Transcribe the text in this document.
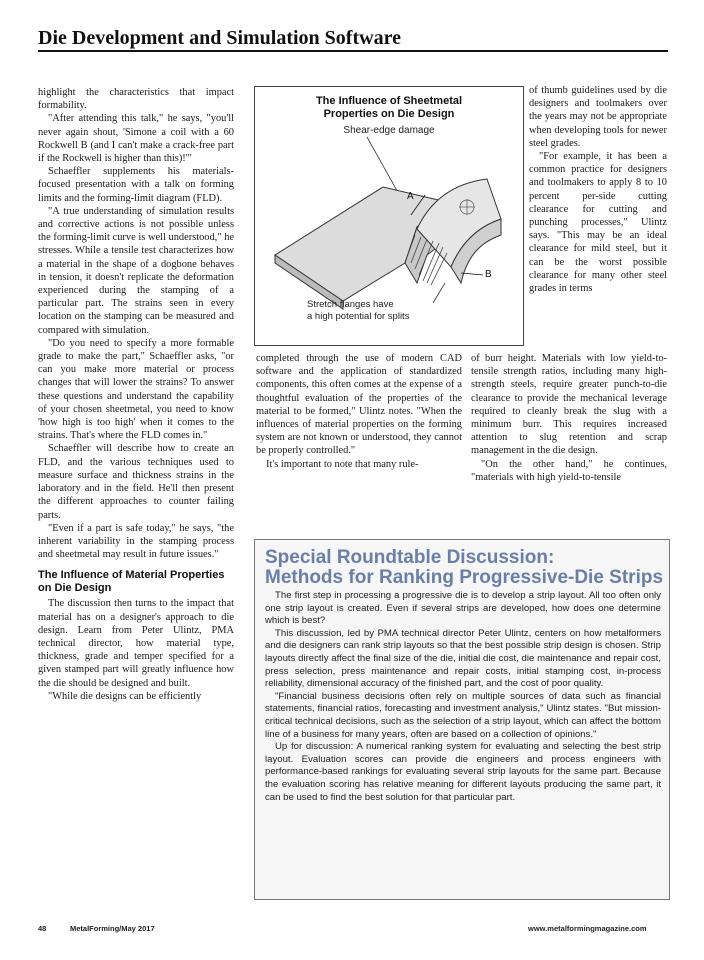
Die Development and Simulation Software

highlight the characteristics that impact formability.

"After attending this talk," he says, "you'll never again shout, 'Simone a coil with a 60 Rockwell B (and I can't make a crack-free part if the Rockwell is higher than this)!'"

Schaeffler supplements his materials-focused presentation with a talk on forming limits and the forming-limit diagram (FLD).

"A true understanding of simulation results and corrective actions is not possible unless the forming-limit curve is well understood," he stresses. While a tensile test characterizes how a material in the shape of a dogbone behaves in tension, it doesn't replicate the deformation experienced during the stamping of a particular part. The strains seen in every location on the stamping can be measured and compared with simulation.

"Do you need to specify a more formable grade to make the part," Schaeffler asks, "or can you make more material or process changes that will lower the strains? To answer these questions and understand the capability of your chosen sheetmetal, you need to know 'how high is too high' when it comes to the strains. That's where the FLD comes in."

Schaeffler will describe how to create an FLD, and the various techniques used to measure surface and thickness strains in the laboratory and in the field. He'll then present the different approaches to counter failing parts.

"Even if a part is safe today," he says, "the inherent variability in the stamping process and sheetmetal may result in future issues."

The Influence of Material Properties on Die Design

The discussion then turns to the impact that material has on a designer's approach to die design. Learn from Peter Ulintz, PMA technical director, how material type, thickness, grade and temper specified for a given stamped part will greatly influence how the die should be designed and built.

"While die designs can be efficiently

The Influence of Sheetmetal
Properties on Die Design
Shear-edge damage
A
B
Stretch flanges have
a high potential for splits

of thumb guidelines used by die designers and toolmakers over the years may not be appropriate when developing tools for newer steel grades.

"For example, it has been a common practice for designers and toolmakers to apply 8 to 10 percent per-side cutting clearance for cutting and punching processes," Ulintz says. "This may be an ideal clearance for mild steel, but it can be the worst possible clearance for many other steel grades in terms

completed through the use of modern CAD software and the application of standardized components, this often comes at the expense of a thoughtful evaluation of the properties of the material to be formed," Ulintz notes. "When the influences of material properties on the forming system are not known or understood, they cannot be properly controlled."

It's important to note that many rule-

of burr height. Materials with low yield-to-tensile strength ratios, including many high-strength steels, require greater punch-to-die clearance to provide the mechanical leverage required to cleanly break the slug with a minimum burr. This requires increased attention to slug retention and scrap management in the die design.

"On the other hand," he continues, "materials with high yield-to-tensile

Special Roundtable Discussion:
Methods for Ranking Progressive-Die Strips

The first step in processing a progressive die is to develop a strip layout. All too often only one strip layout is created. Even if several strips are developed, how does one determine which is best?

This discussion, led by PMA technical director Peter Ulintz, centers on how metalformers and die designers can rank strip layouts so that the best possible strip design is chosen. Strip layouts directly affect the final size of the die, initial die cost, die maintenance and repair cost, press selection, press maintenance and repair costs, initial stamping cost, in-process reliability, dimensional accuracy of the finished part, and the cost of poor quality.

"Financial business decisions often rely on multiple sources of data such as financial statements, financial ratios, forecasting and investment analysis," Ulintz states. "But mission-critical technical decisions, such as the selection of a strip layout, which can affect the bottom line of a business for many years, often are based on a collection of opinions."

Up for discussion: A numerical ranking system for evaluating and selecting the best strip layout. Evaluation scores can provide die engineers and process engineers with performance-based rankings for evaluating several strip layouts for the same part. Because the evaluation scoring has relative meaning for different layouts producing the same part, it can be used to find the best solution for that particular part.

48	MetalForming/May 2017	www.metalformingmagazine.com
